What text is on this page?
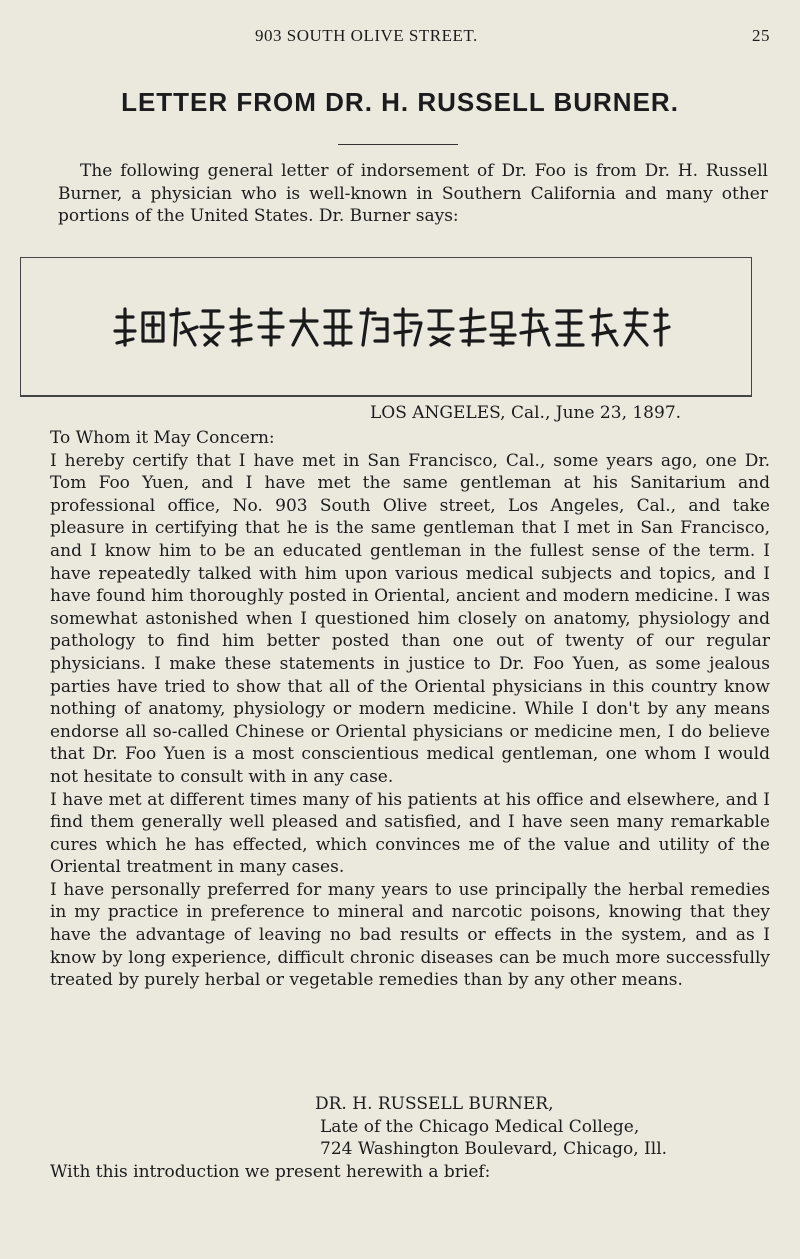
903 SOUTH OLIVE STREET.	25
LETTER FROM DR. H. RUSSELL BURNER.
The following general letter of indorsement of Dr. Foo is from Dr. H. Russell Burner, a physician who is well-known in Southern California and many other portions of the United States. Dr. Burner says:
LOS ANGELES, Cal., June 23, 1897.

To Whom it May Concern:

I hereby certify that I have met in San Francisco, Cal., some years ago, one Dr. Tom Foo Yuen, and I have met the same gentleman at his Sanitarium and professional office, No. 903 South Olive street, Los Angeles, Cal., and take pleasure in certifying that he is the same gentleman that I met in San Francisco, and I know him to be an educated gentleman in the fullest sense of the term. I have repeatedly talked with him upon various medical subjects and topics, and I have found him thoroughly posted in Oriental, ancient and modern medicine. I was somewhat astonished when I questioned him closely on anatomy, physiology and pathology to find him better posted than one out of twenty of our regular physicians. I make these statements in justice to Dr. Foo Yuen, as some jealous parties have tried to show that all of the Oriental physicians in this country know nothing of anatomy, physiology or modern medicine. While I don't by any means endorse all so-called Chinese or Oriental physicians or medicine men, I do believe that Dr. Foo Yuen is a most conscientious medical gentleman, one whom I would not hesitate to consult with in any case.

I have met at different times many of his patients at his office and elsewhere, and I find them generally well pleased and satisfied, and I have seen many remarkable cures which he has effected, which convinces me of the value and utility of the Oriental treatment in many cases.

I have personally preferred for many years to use principally the herbal remedies in my practice in preference to mineral and narcotic poisons, knowing that they have the advantage of leaving no bad results or effects in the system, and as I know by long experience, difficult chronic diseases can be much more successfully treated by purely herbal or vegetable remedies than by any other means.

DR. H. RUSSELL BURNER,
Late of the Chicago Medical College,
724 Washington Boulevard, Chicago, Ill.
With this introduction we present herewith a brief:
